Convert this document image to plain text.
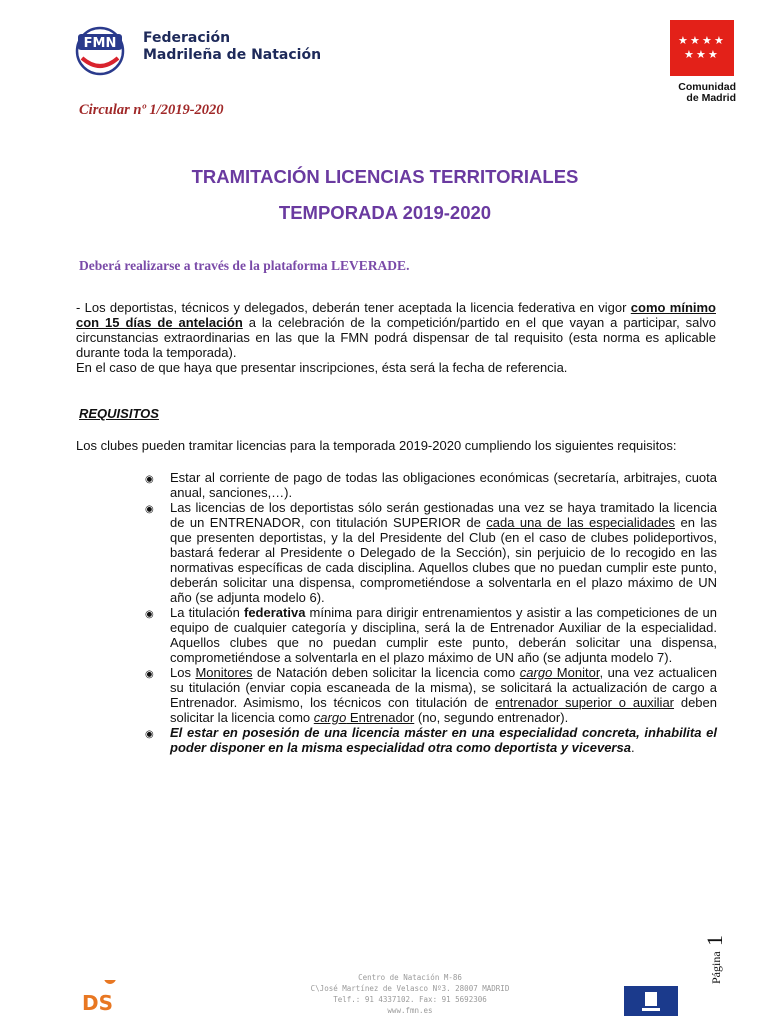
FMN Federación
Madrileña de Natación
★ ★ ★ ★
★ ★ ★
Comunidad
de Madrid
Circular nº 1/2019-2020
TRAMITACIÓN LICENCIAS TERRITORIALES
TEMPORADA 2019-2020
Deberá realizarse a través de la plataforma LEVERADE.
- Los deportistas, técnicos y delegados, deberán tener aceptada la licencia federativa en vigor como mínimo con 15 días de antelación a la celebración de la competición/partido en el que vayan a participar, salvo circunstancias extraordinarias en las que la FMN podrá dispensar de tal requisito (esta norma es aplicable durante toda la temporada).
En el caso de que haya que presentar inscripciones, ésta será la fecha de referencia.
REQUISITOS
Los clubes pueden tramitar licencias para la temporada 2019-2020 cumpliendo los siguientes requisitos:
◉ Estar al corriente de pago de todas las obligaciones económicas (secretaría, arbitrajes, cuota anual, sanciones,…).
◉ Las licencias de los deportistas sólo serán gestionadas una vez se haya tramitado la licencia de un ENTRENADOR, con titulación SUPERIOR de cada una de las especialidades en las que presenten deportistas, y la del Presidente del Club (en el caso de clubes polideportivos, bastará federar al Presidente o Delegado de la Sección), sin perjuicio de lo recogido en las normativas específicas de cada disciplina. Aquellos clubes que no puedan cumplir este punto, deberán solicitar una dispensa, comprometiéndose a solventarla en el plazo máximo de UN año (se adjunta modelo 6).
◉ La titulación federativa mínima para dirigir entrenamientos y asistir a las competiciones de un equipo de cualquier categoría y disciplina, será la de Entrenador Auxiliar de la especialidad. Aquellos clubes que no puedan cumplir este punto, deberán solicitar una dispensa, comprometiéndose a solventarla en el plazo máximo de UN año (se adjunta modelo 7).
◉ Los Monitores de Natación deben solicitar la licencia como cargo Monitor, una vez actualicen su titulación (enviar copia escaneada de la misma), se solicitará la actualización de cargo a Entrenador. Asimismo, los técnicos con titulación de entrenador superior o auxiliar deben solicitar la licencia como cargo Entrenador (no, segundo entrenador).
◉ El estar en posesión de una licencia máster en una especialidad concreta, inhabilita el poder disponer en la misma especialidad otra como deportista y viceversa.
Página
1
DS
Centro de Natación M-86
C\José Martínez de Velasco Nº3. 28007 MADRID
Telf.: 91 4337102. Fax: 91 5692306
www.fmn.es
